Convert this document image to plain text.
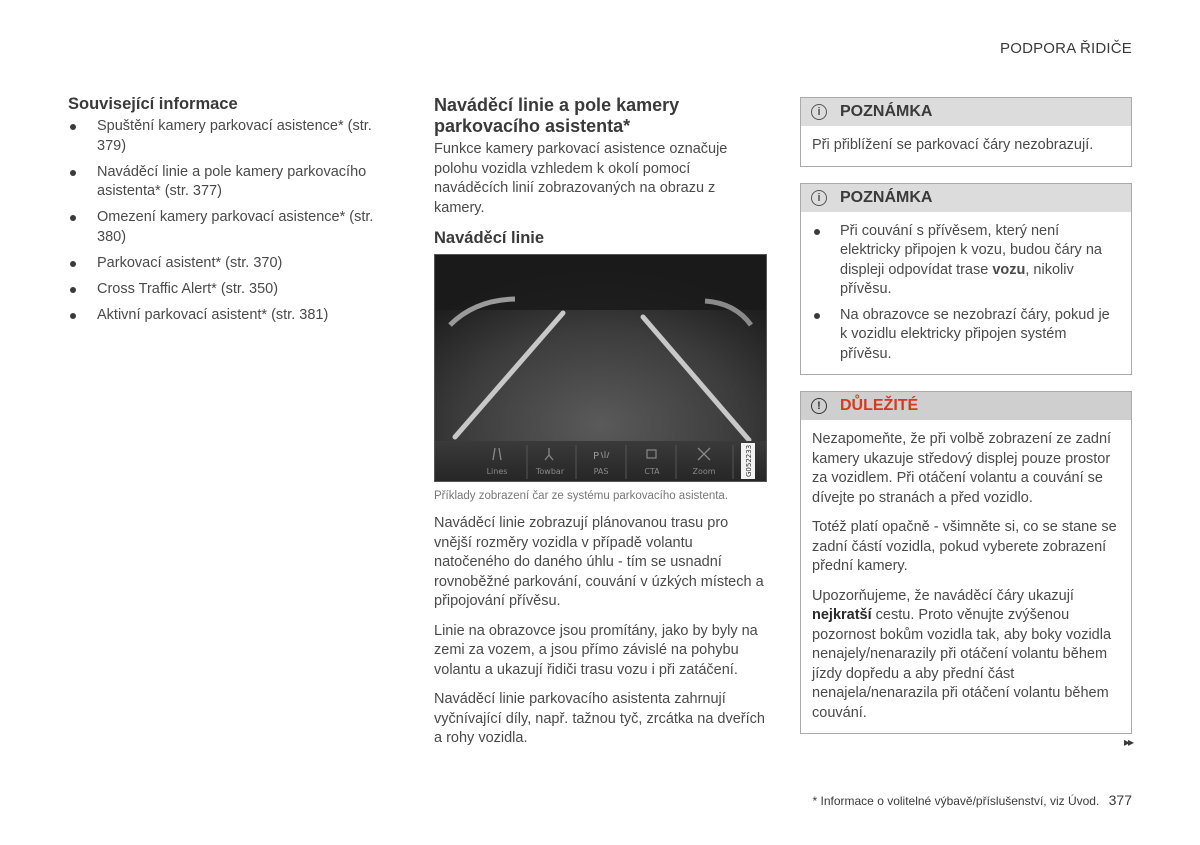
PODPORA ŘIDIČE
Související informace
Spuštění kamery parkovací asistence* (str. 379)
Naváděcí linie a pole kamery parkovacího asistenta* (str. 377)
Omezení kamery parkovací asistence* (str. 380)
Parkovací asistent* (str. 370)
Cross Traffic Alert* (str. 350)
Aktivní parkovací asistent* (str. 381)
Naváděcí linie a pole kamery parkovacího asistenta*
Funkce kamery parkovací asistence označuje polohu vozidla vzhledem k okolí pomocí naváděcích linií zobrazovaných na obrazu z kamery.
Naváděcí linie
P
Lines	Towbar	PAS	CTA	Zoom	G052233
Příklady zobrazení čar ze systému parkovacího asistenta.
Naváděcí linie zobrazují plánovanou trasu pro vnější rozměry vozidla v případě volantu natočeného do daného úhlu - tím se usnadní rovnoběžné parkování, couvání v úzkých místech a připojování přívěsu.
Linie na obrazovce jsou promítány, jako by byly na zemi za vozem, a jsou přímo závislé na pohybu volantu a ukazují řidiči trasu vozu i při zatáčení.
Naváděcí linie parkovacího asistenta zahrnují vyčnívající díly, např. tažnou tyč, zrcátka na dveřích a rohy vozidla.
i	POZNÁMKA
Při přiblížení se parkovací čáry nezobrazují.
i	POZNÁMKA
Při couvání s přívěsem, který není elektricky připojen k vozu, budou čáry na displeji odpovídat trase vozu, nikoliv přívěsu.
Na obrazovce se nezobrazí čáry, pokud je k vozidlu elektricky připojen systém přívěsu.
!	DŮLEŽITÉ
Nezapomeňte, že při volbě zobrazení ze zadní kamery ukazuje středový displej pouze prostor za vozidlem. Při otáčení volantu a couvání se dívejte po stranách a před vozidlo.
Totéž platí opačně - všimněte si, co se stane se zadní částí vozidla, pokud vyberete zobrazení přední kamery.
Upozorňujeme, že naváděcí čáry ukazují nejkratší cestu. Proto věnujte zvýšenou pozornost bokům vozidla tak, aby boky vozidla nenajely/nenarazily při otáčení volantu během jízdy dopředu a aby přední část nenajela/nenarazila při otáčení volantu během couvání.
▸▸
* Informace o volitelné výbavě/příslušenství, viz Úvod. 377
